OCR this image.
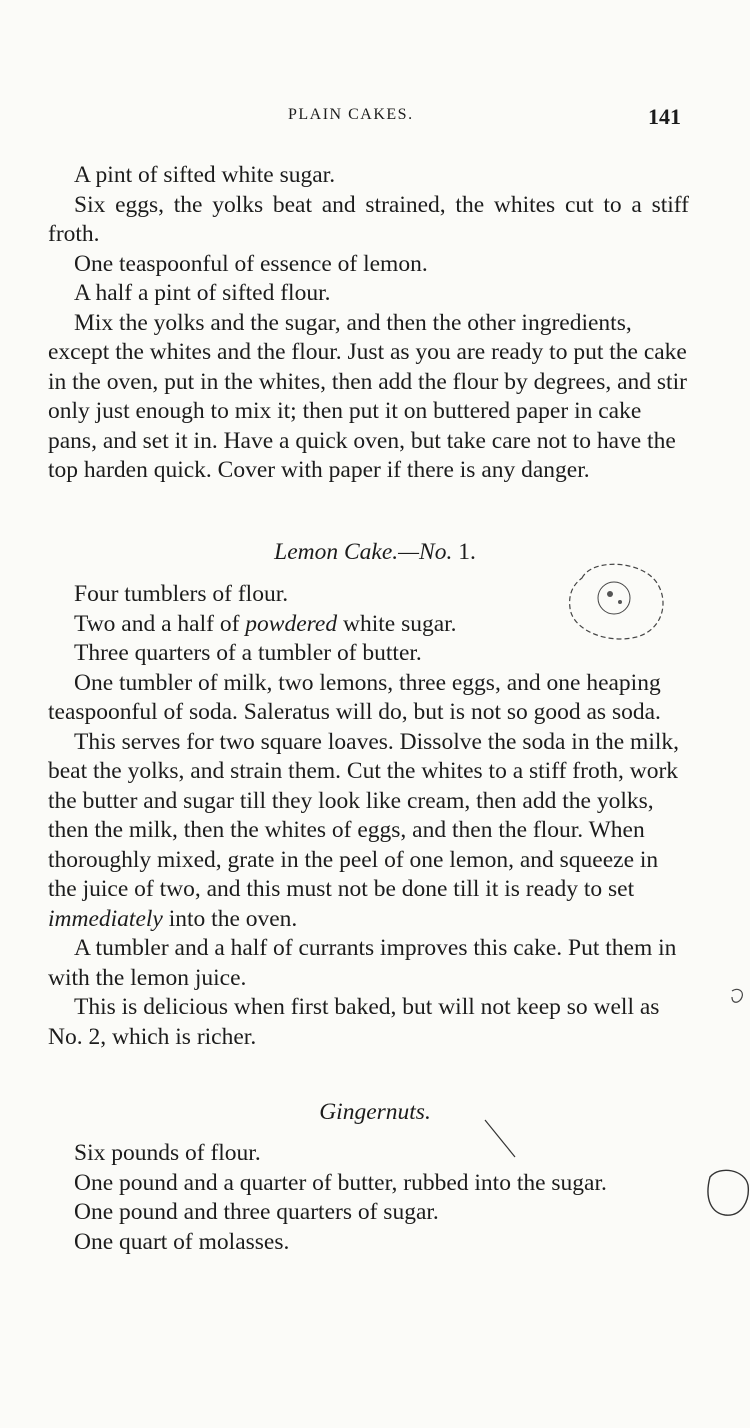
PLAIN CAKES.	141

A pint of sifted white sugar.

Six eggs, the yolks beat and strained, the whites cut to a stiff froth.

One teaspoonful of essence of lemon.

A half a pint of sifted flour.

Mix the yolks and the sugar, and then the other ingredients, except the whites and the flour. Just as you are ready to put the cake in the oven, put in the whites, then add the flour by degrees, and stir only just enough to mix it; then put it on buttered paper in cake pans, and set it in. Have a quick oven, but take care not to have the top harden quick. Cover with paper if there is any danger.

Lemon Cake.—No. 1.

Four tumblers of flour.

Two and a half of powdered white sugar.

Three quarters of a tumbler of butter.

One tumbler of milk, two lemons, three eggs, and one heaping teaspoonful of soda. Saleratus will do, but is not so good as soda.

This serves for two square loaves. Dissolve the soda in the milk, beat the yolks, and strain them. Cut the whites to a stiff froth, work the butter and sugar till they look like cream, then add the yolks, then the milk, then the whites of eggs, and then the flour. When thoroughly mixed, grate in the peel of one lemon, and squeeze in the juice of two, and this must not be done till it is ready to set immediately into the oven.

A tumbler and a half of currants improves this cake. Put them in with the lemon juice.

This is delicious when first baked, but will not keep so well as No. 2, which is richer.

Gingernuts.

Six pounds of flour.

One pound and a quarter of butter, rubbed into the sugar.

One pound and three quarters of sugar.

One quart of molasses.
